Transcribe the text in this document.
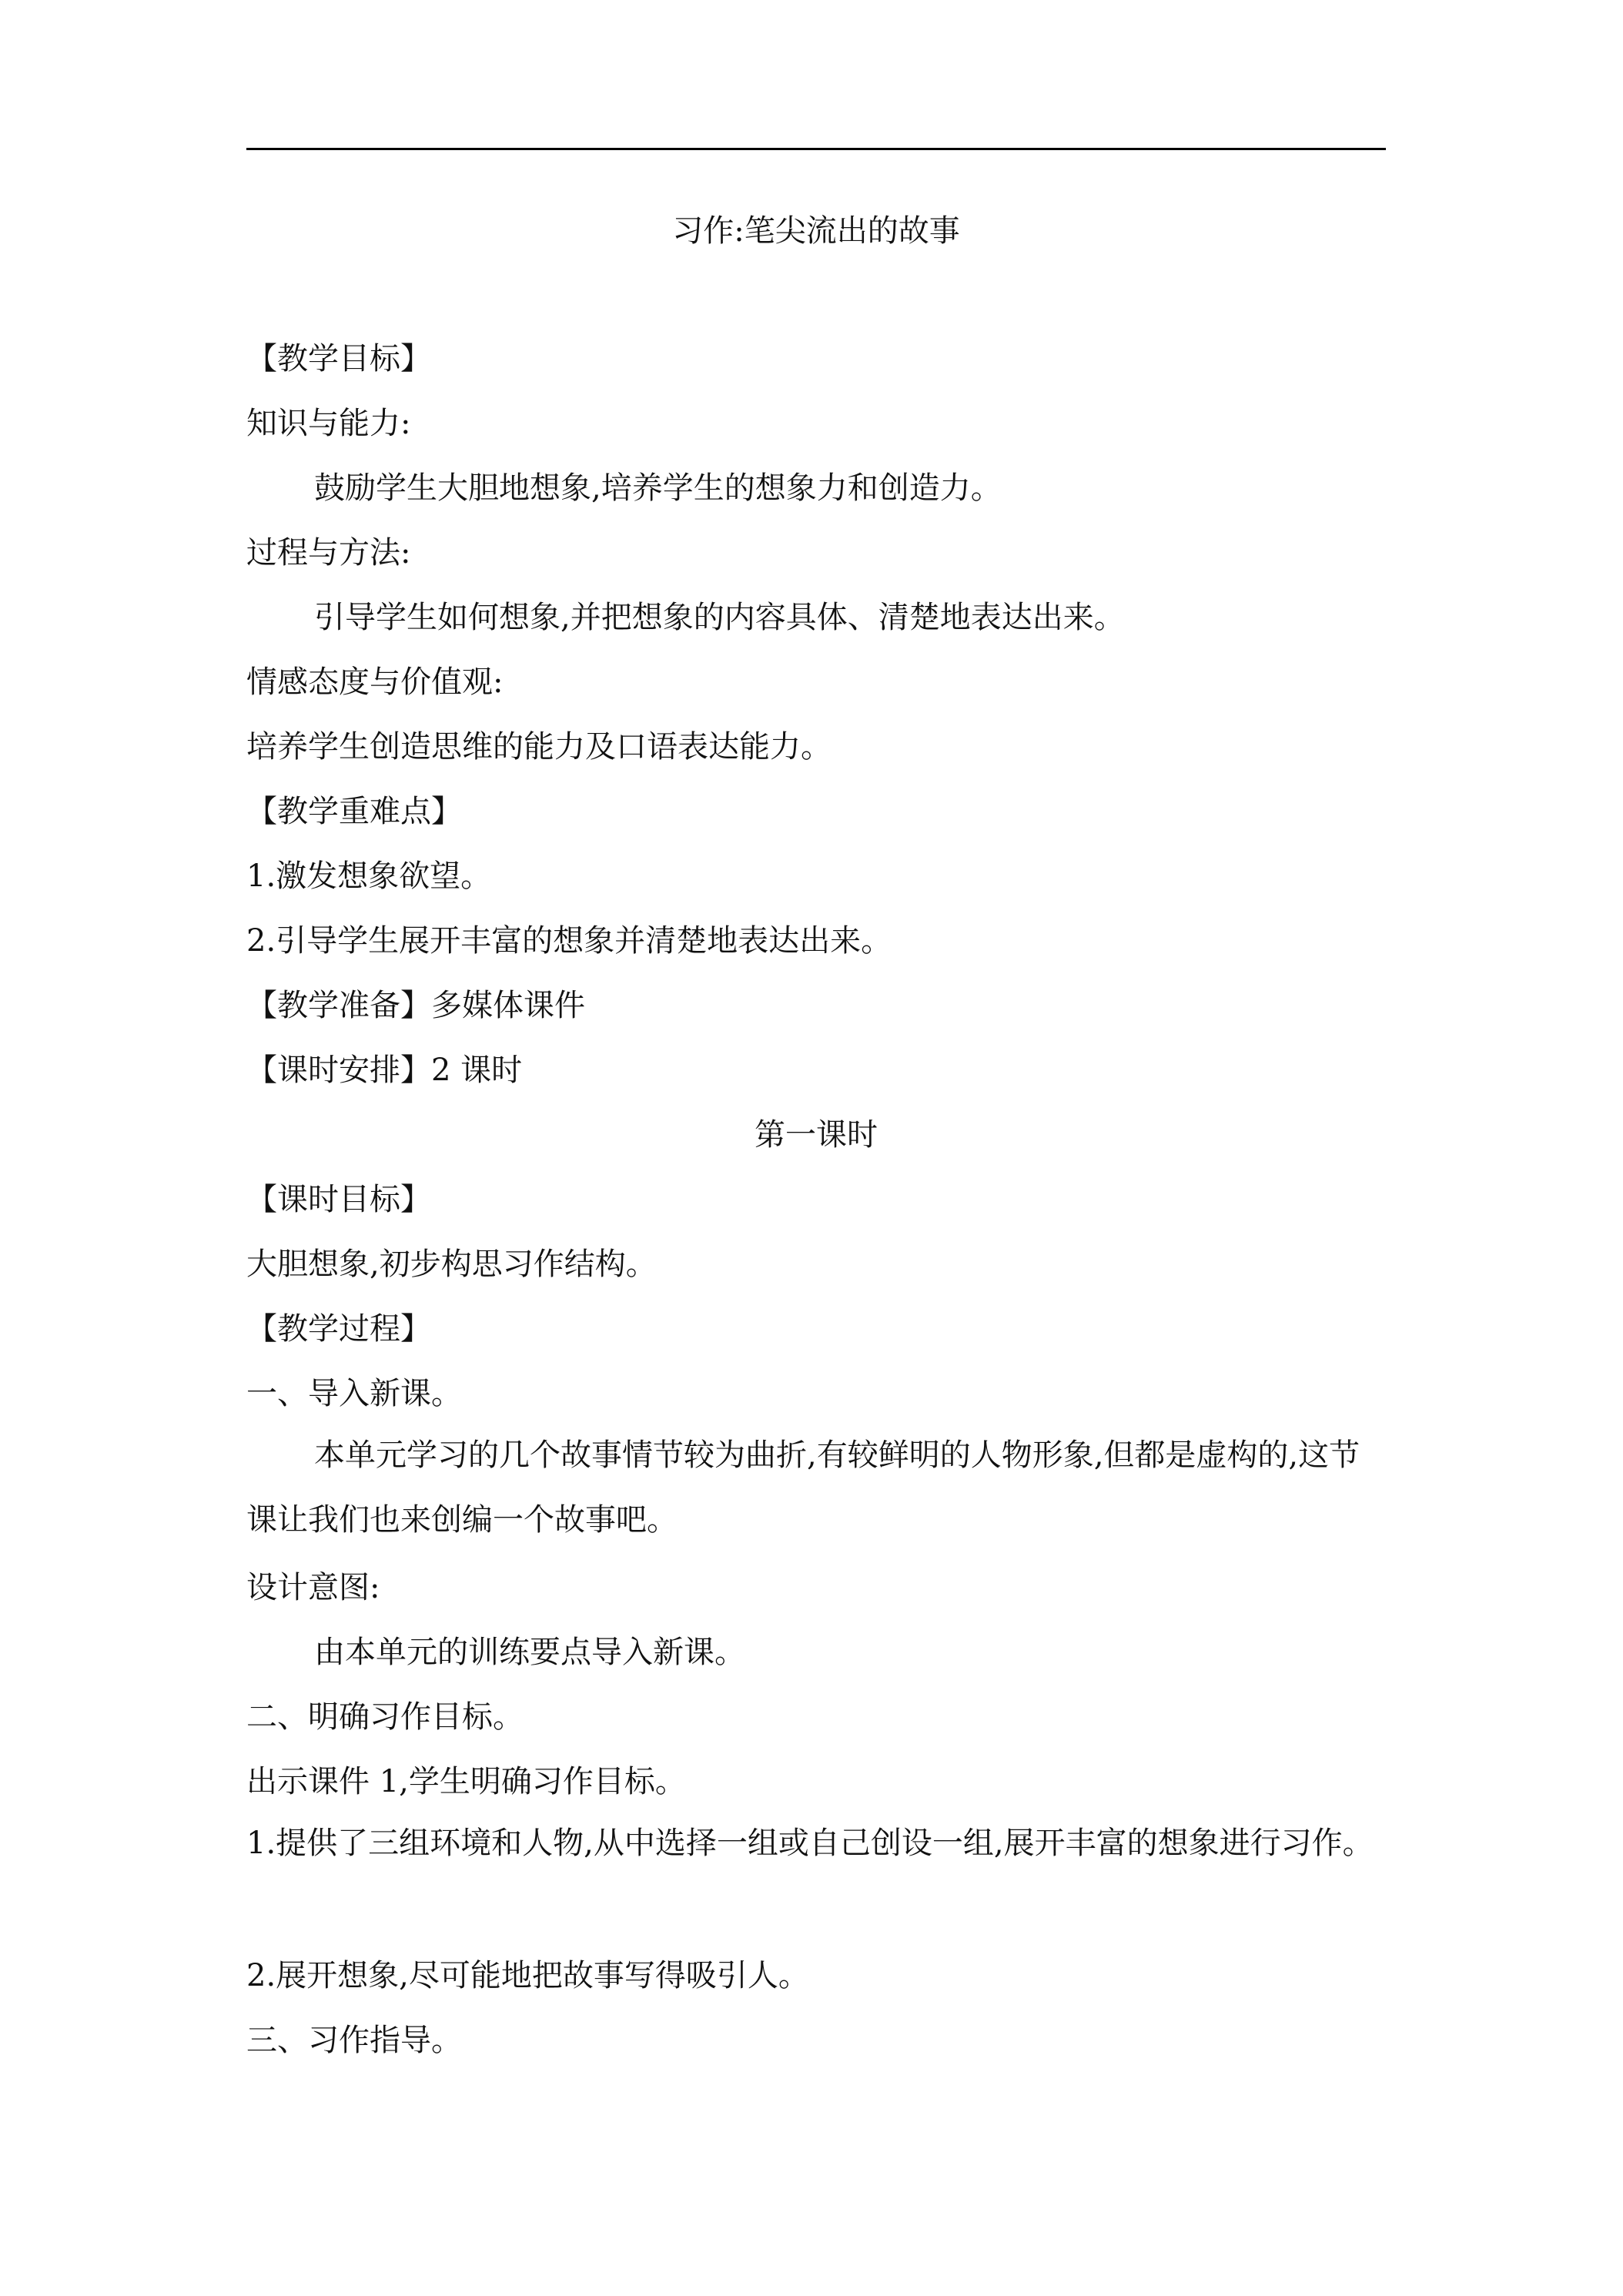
习作:笔尖流出的故事
【教学目标】
知识与能力:
鼓励学生大胆地想象,培养学生的想象力和创造力。
过程与方法:
引导学生如何想象,并把想象的内容具体、清楚地表达出来。
情感态度与价值观:
培养学生创造思维的能力及口语表达能力。
【教学重难点】
1.激发想象欲望。
2.引导学生展开丰富的想象并清楚地表达出来。
【教学准备】多媒体课件
【课时安排】2 课时
第一课时
【课时目标】
大胆想象,初步构思习作结构。
【教学过程】
一、导入新课。
本单元学习的几个故事情节较为曲折,有较鲜明的人物形象,但都是虚构的,这节课让我们也来创编一个故事吧。
设计意图:
由本单元的训练要点导入新课。
二、明确习作目标。
出示课件 1,学生明确习作目标。
1.提供了三组环境和人物,从中选择一组或自己创设一组,展开丰富的想象进行习作。
2.展开想象,尽可能地把故事写得吸引人。
三、习作指导。
